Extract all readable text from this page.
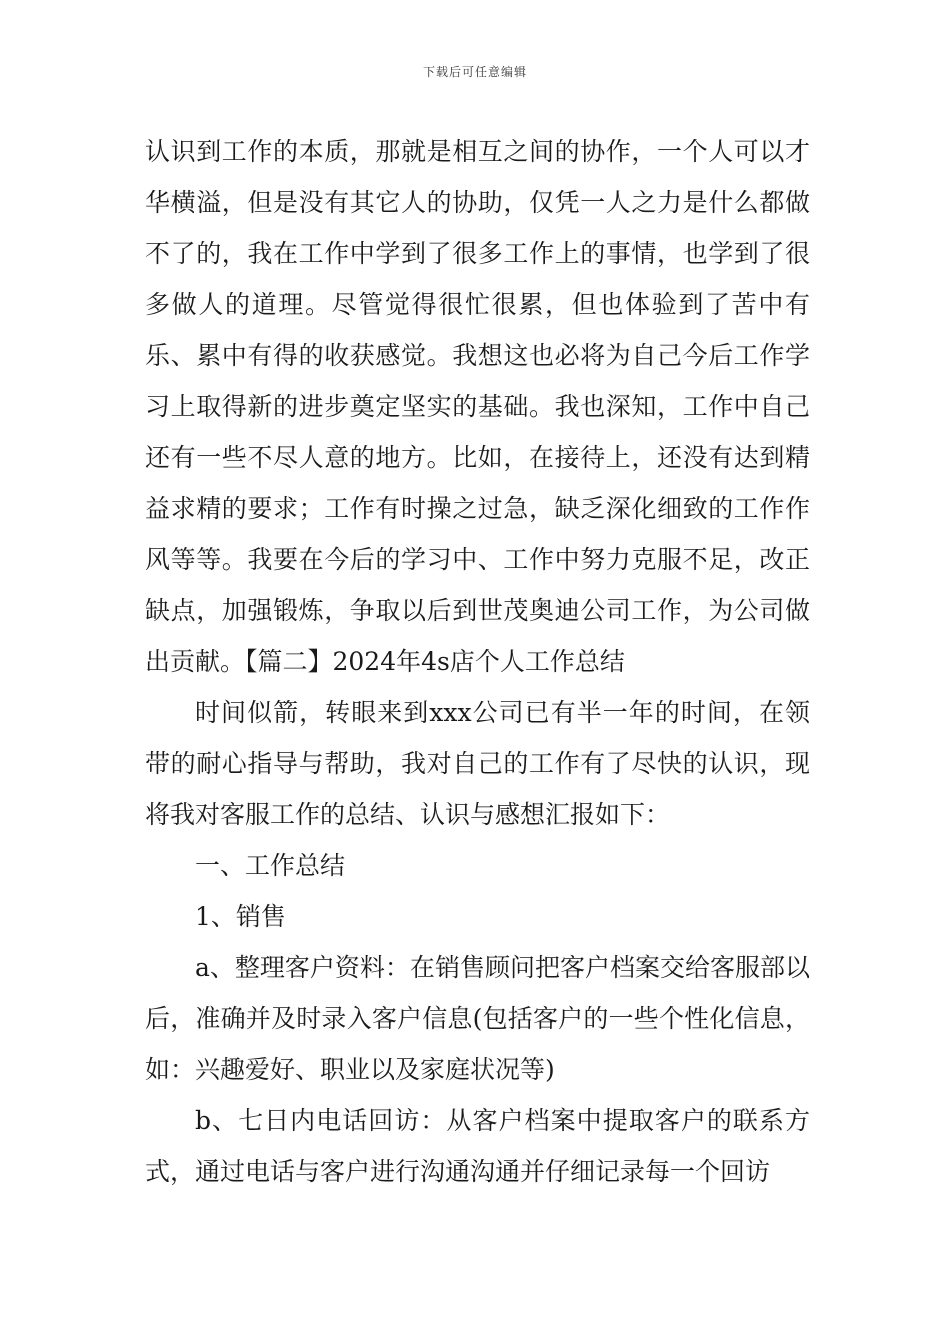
下载后可任意编辑

认识到工作的本质，那就是相互之间的协作，一个人可以才华横溢，但是没有其它人的协助，仅凭一人之力是什么都做不了的，我在工作中学到了很多工作上的事情，也学到了很多做人的道理。尽管觉得很忙很累，但也体验到了苦中有乐、累中有得的收获感觉。我想这也必将为自己今后工作学习上取得新的进步奠定坚实的基础。我也深知，工作中自己还有一些不尽人意的地方。比如，在接待上，还没有达到精益求精的要求；工作有时操之过急，缺乏深化细致的工作作风等等。我要在今后的学习中、工作中努力克服不足，改正缺点，加强锻炼，争取以后到世茂奥迪公司工作，为公司做出贡献。【篇二】2024年4s店个人工作总结

时间似箭，转眼来到xxx公司已有半一年的时间，在领带的耐心指导与帮助，我对自己的工作有了尽快的认识，现将我对客服工作的总结、认识与感想汇报如下：

一、工作总结

1、销售

a、整理客户资料：在销售顾问把客户档案交给客服部以后，准确并及时录入客户信息(包括客户的一些个性化信息，如：兴趣爱好、职业以及家庭状况等)

b、七日内电话回访：从客户档案中提取客户的联系方式，通过电话与客户进行沟通沟通并仔细记录每一个回访
